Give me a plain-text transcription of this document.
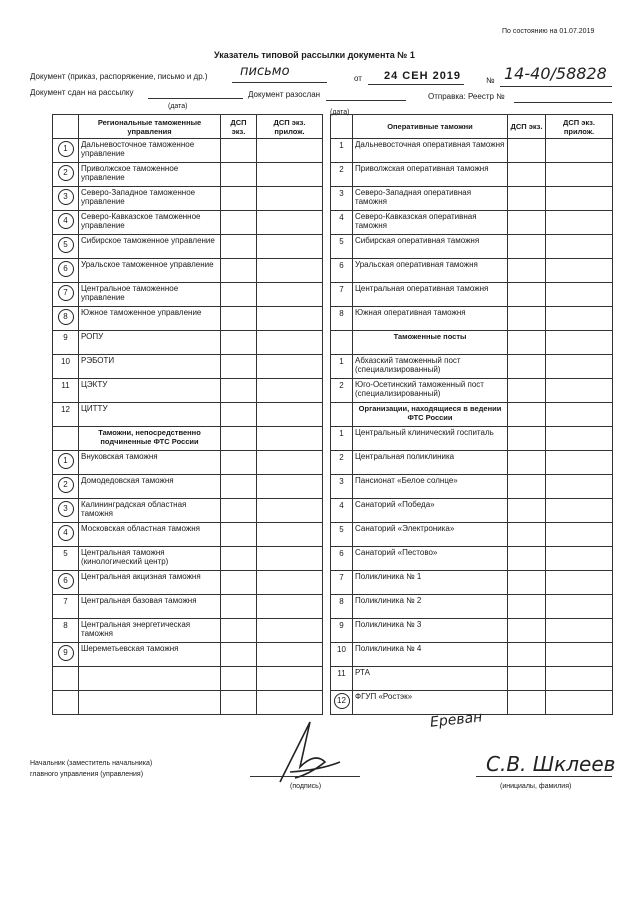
По состоянию на 01.07.2019
Указатель типовой рассылки документа № 1
Документ (приказ, распоряжение, письмо и др.) письмо	от 24 СЕН 2019	№ 14-40/58828
Документ сдан на рассылку
(дата)
Документ разослан
(дата)
Отправка: Реестр №
	Региональные таможенные управления	ДСП экз.	ДСП экз. прилож.			Оперативные таможни	ДСП экз.	ДСП экз. прилож.
1	Дальневосточное таможенное управление				1	Дальневосточная оперативная таможня		
2	Приволжское таможенное управление				2	Приволжская оперативная таможня		
3	Северо-Западное таможенное управление				3	Северо-Западная оперативная таможня		
4	Северо-Кавказское таможенное управление				4	Северо-Кавказская оперативная таможня		
5	Сибирское таможенное управление				5	Сибирская оперативная таможня		
6	Уральское таможенное управление				6	Уральская оперативная таможня		
7	Центральное таможенное управление				7	Центральная оперативная таможня		
8	Южное таможенное управление				8	Южная оперативная таможня		
9	РОПУ					Таможенные посты		
10	РЭБОТИ				1	Абхазский таможенный пост (специализированный)		
11	ЦЭКТУ				2	Юго-Осетинский таможенный пост (специализированный)		
12	ЦИТТУ					Организации, находящиеся в ведении ФТС России		
	Таможни, непосредственно подчиненные ФТС России				1	Центральный клинический госпиталь		
1	Внуковская таможня				2	Центральная поликлиника		
2	Домодедовская таможня				3	Пансионат «Белое солнце»		
3	Калининградская областная таможня				4	Санаторий «Победа»		
4	Московская областная таможня				5	Санаторий «Электроника»		
5	Центральная таможня (кинологический центр)				6	Санаторий «Пестово»		
6	Центральная акцизная таможня				7	Поликлиника № 1		
7	Центральная базовая таможня				8	Поликлиника № 2		
8	Центральная энергетическая таможня				9	Поликлиника № 3		
9	Шереметьевская таможня				10	Поликлиника № 4		
					11	РТА		
					12	ФГУП «Ростэк»		
Ереван
Начальник (заместитель начальника)
главного управления (управления)
(подпись)
С.В. Шклеев
(инициалы, фамилия)
